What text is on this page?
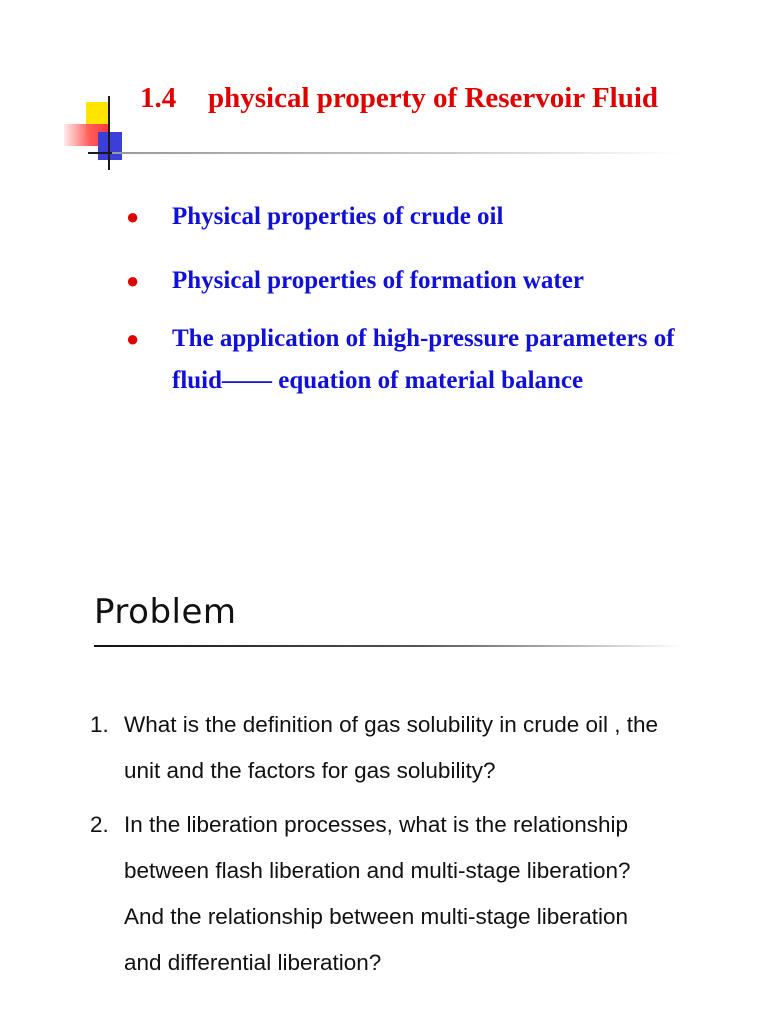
1.4	physical property of Reservoir Fluid
●	Physical properties of crude oil
●	Physical properties of formation water
●	The application of high-pressure parameters of fluid—— equation of material balance
Problem
1. What is the definition of gas solubility in crude oil , the unit and the factors for gas solubility?
2. In the liberation processes, what is the relationship between flash liberation and multi-stage liberation? And the relationship between multi-stage liberation and differential liberation?
